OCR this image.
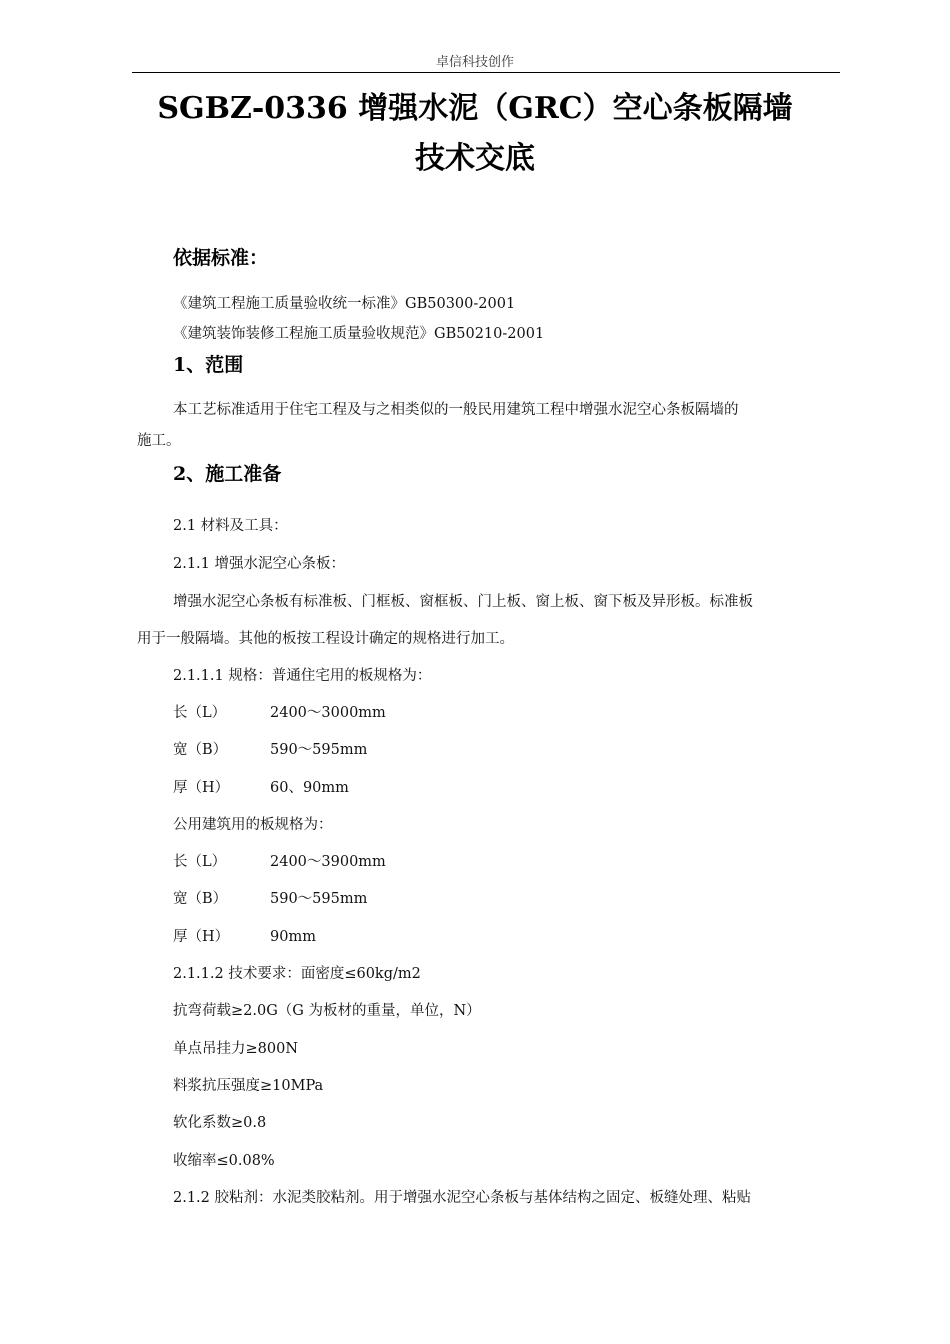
卓信科技创作
SGBZ-0336 增强水泥（GRC）空心条板隔墙
技术交底
依据标准：
《建筑工程施工质量验收统一标准》GB50300-2001
《建筑装饰装修工程施工质量验收规范》GB50210-2001
1、范围
本工艺标准适用于住宅工程及与之相类似的一般民用建筑工程中增强水泥空心条板隔墙的
施工。
2、施工准备
2.1 材料及工具：
2.1.1 增强水泥空心条板：
增强水泥空心条板有标准板、门框板、窗框板、门上板、窗上板、窗下板及异形板。标准板
用于一般隔墙。其他的板按工程设计确定的规格进行加工。
2.1.1.1 规格：普通住宅用的板规格为：
长（L）	2400～3000mm
宽（B）	590～595mm
厚（H）	60、90mm
公用建筑用的板规格为：
长（L）	2400～3900mm
宽（B）	590～595mm
厚（H）	90mm
2.1.1.2 技术要求：面密度≤60kg/m2
抗弯荷载≥2.0G（G 为板材的重量，单位，N）
单点吊挂力≥800N
料浆抗压强度≥10MPa
软化系数≥0.8
收缩率≤0.08%
2.1.2 胶粘剂：水泥类胶粘剂。用于增强水泥空心条板与基体结构之固定、板缝处理、粘贴
